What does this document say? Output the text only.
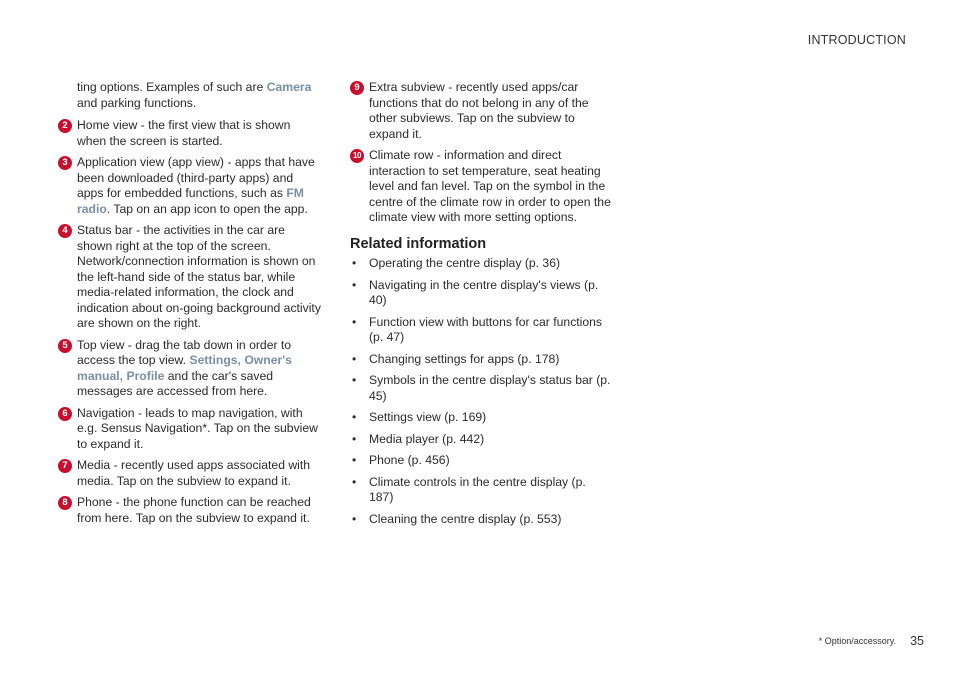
INTRODUCTION
ting options. Examples of such are Camera
and parking functions.
2 Home view - the first view that is shown when the screen is started.
3 Application view (app view) - apps that have been downloaded (third-party apps) and apps for embedded functions, such as FM radio. Tap on an app icon to open the app.
4 Status bar - the activities in the car are shown right at the top of the screen. Network/connection information is shown on the left-hand side of the status bar, while media-related information, the clock and indication about on-going background activity are shown on the right.
5 Top view - drag the tab down in order to access the top view. Settings, Owner's manual, Profile and the car's saved messages are accessed from here.
6 Navigation - leads to map navigation, with e.g. Sensus Navigation*. Tap on the subview to expand it.
7 Media - recently used apps associated with media. Tap on the subview to expand it.
8 Phone - the phone function can be reached from here. Tap on the subview to expand it.
9 Extra subview - recently used apps/car functions that do not belong in any of the other subviews. Tap on the subview to expand it.
10 Climate row - information and direct interaction to set temperature, seat heating level and fan level. Tap on the symbol in the centre of the climate row in order to open the climate view with more setting options.
Related information
• Operating the centre display (p. 36)
• Navigating in the centre display's views (p. 40)
• Function view with buttons for car functions (p. 47)
• Changing settings for apps (p. 178)
• Symbols in the centre display's status bar (p. 45)
• Settings view (p. 169)
• Media player (p. 442)
• Phone (p. 456)
• Climate controls in the centre display (p. 187)
• Cleaning the centre display (p. 553)
* Option/accessory. 35
